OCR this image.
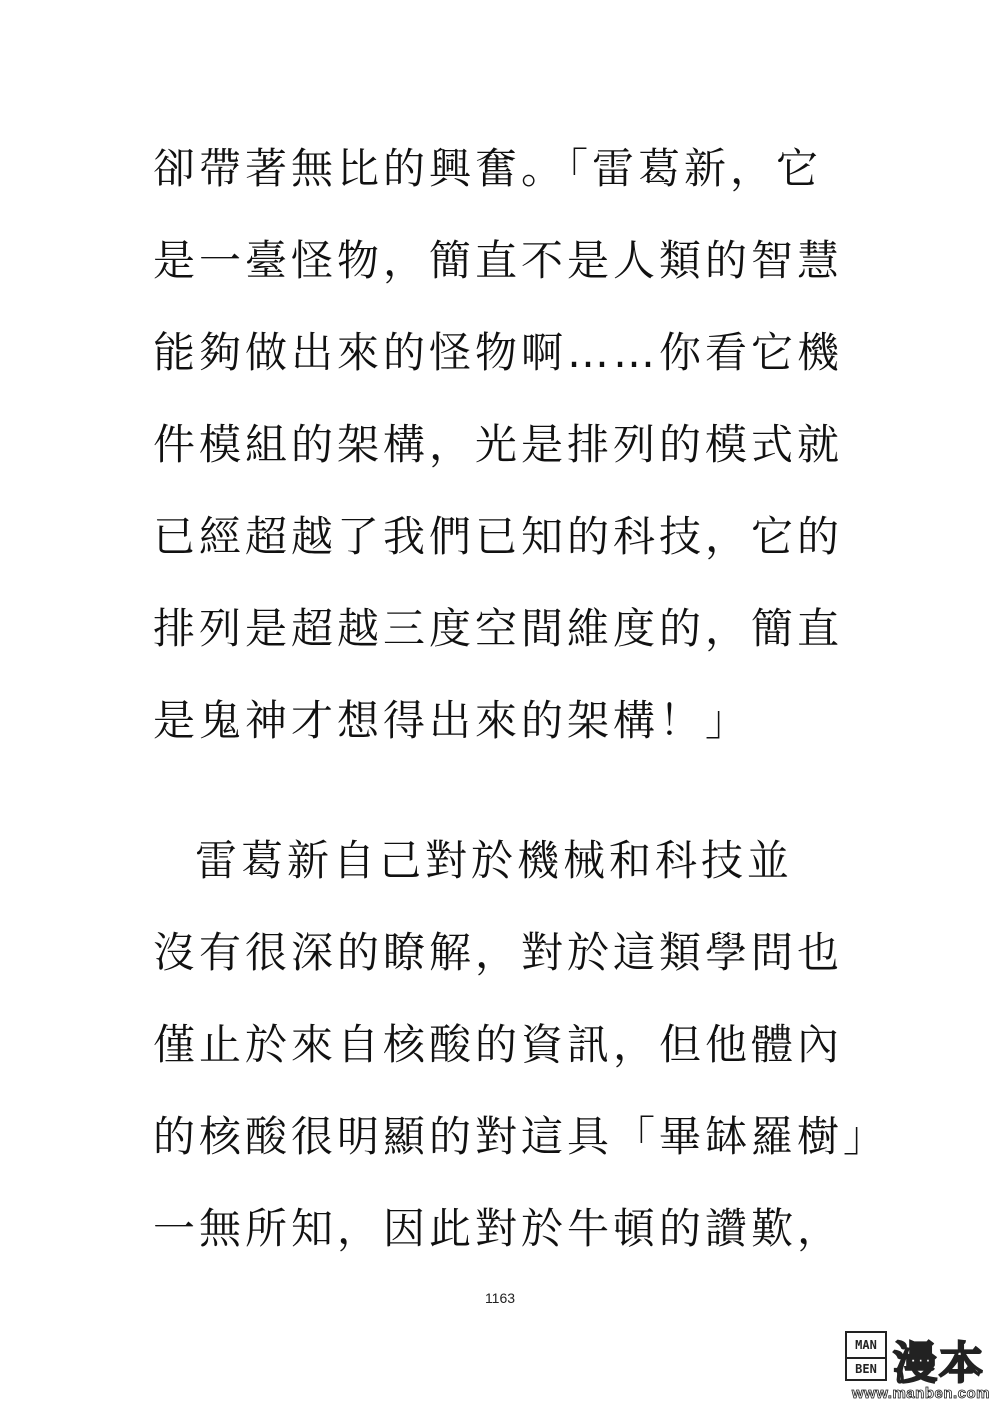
卻帶著無比的興奮。「雷葛新，它
是一臺怪物，簡直不是人類的智慧
能夠做出來的怪物啊……你看它機
件模組的架構，光是排列的模式就
已經超越了我們已知的科技，它的
排列是超越三度空間維度的，簡直
是鬼神才想得出來的架構！」
雷葛新自己對於機械和科技並
沒有很深的瞭解，對於這類學問也
僅止於來自核酸的資訊，但他體內
的核酸很明顯的對這具「畢缽羅樹」
一無所知，因此對於牛頓的讚歎，
1163
MAN
BEN 漫本
www.manben.com
